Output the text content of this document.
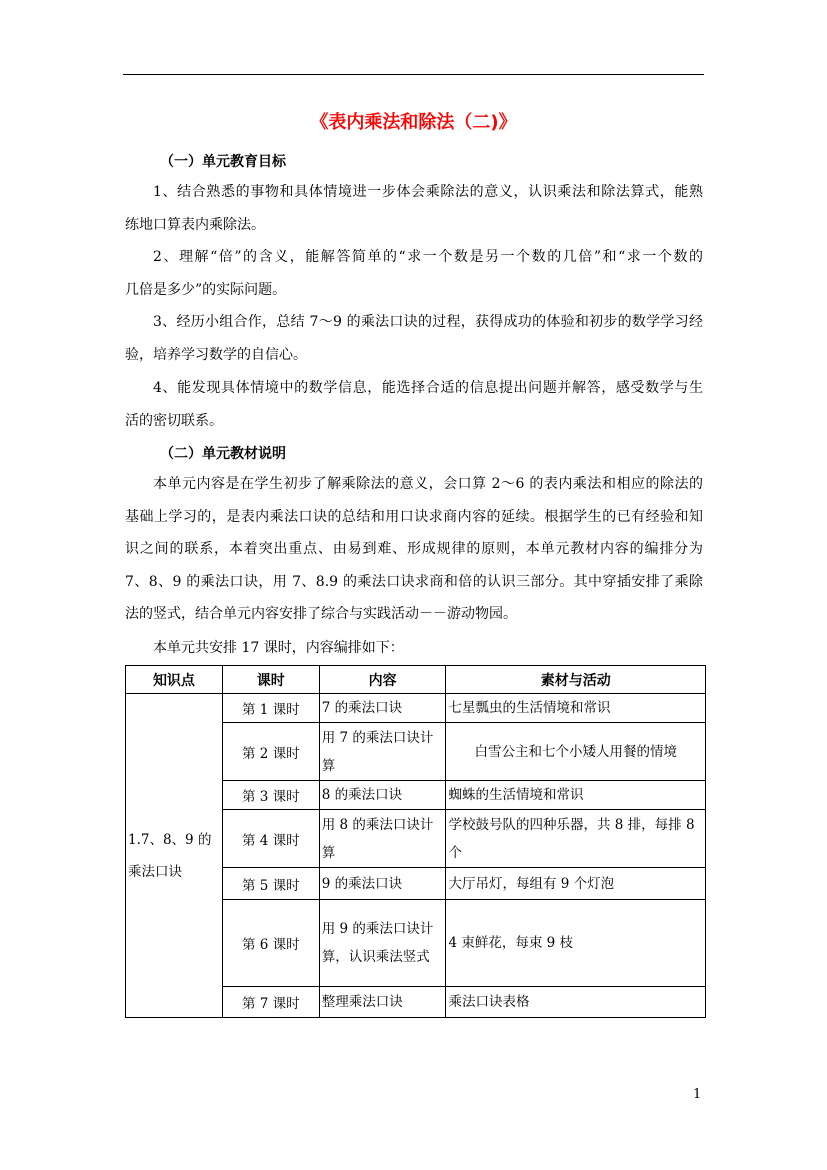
《表内乘法和除法（二)》
（一）单元教育目标
1、结合熟悉的事物和具体情境进一步体会乘除法的意义，认识乘法和除法算式，能熟
练地口算表内乘除法。
2、理解“倍”的含义，能解答简单的“求一个数是另一个数的几倍”和“求一个数的
几倍是多少”的实际问题。
3、经历小组合作，总结 7～9 的乘法口诀的过程，获得成功的体验和初步的数学学习经
验，培养学习数学的自信心。
4、能发现具体情境中的数学信息，能选择合适的信息提出问题并解答，感受数学与生
活的密切联系。
（二）单元教材说明
本单元内容是在学生初步了解乘除法的意义，会口算 2～6 的表内乘法和相应的除法的
基础上学习的，是表内乘法口诀的总结和用口诀求商内容的延续。根据学生的已有经验和知
识之间的联系，本着突出重点、由易到难、形成规律的原则，本单元教材内容的编排分为
7、8、9 的乘法口诀，用 7、8.9 的乘法口诀求商和倍的认识三部分。其中穿插安排了乘除
法的竖式，结合单元内容安排了综合与实践活动－－游动物园。
本单元共安排 17 课时，内容编排如下：
知识点	课时	内容	素材与活动
1.7、8、9 的乘法口诀	第 1 课时	7 的乘法口诀	七星瓢虫的生活情境和常识
	第 2 课时	用 7 的乘法口诀计算	白雪公主和七个小矮人用餐的情境
	第 3 课时	8 的乘法口诀	蜘蛛的生活情境和常识
	第 4 课时	用 8 的乘法口诀计算	学校鼓号队的四种乐器，共 8 排，每排 8 个
	第 5 课时	9 的乘法口诀	大厅吊灯，每组有 9 个灯泡
	第 6 课时	用 9 的乘法口诀计算，认识乘法竖式	4 束鲜花，每束 9 枝
	第 7 课时	整理乘法口诀	乘法口诀表格
1
